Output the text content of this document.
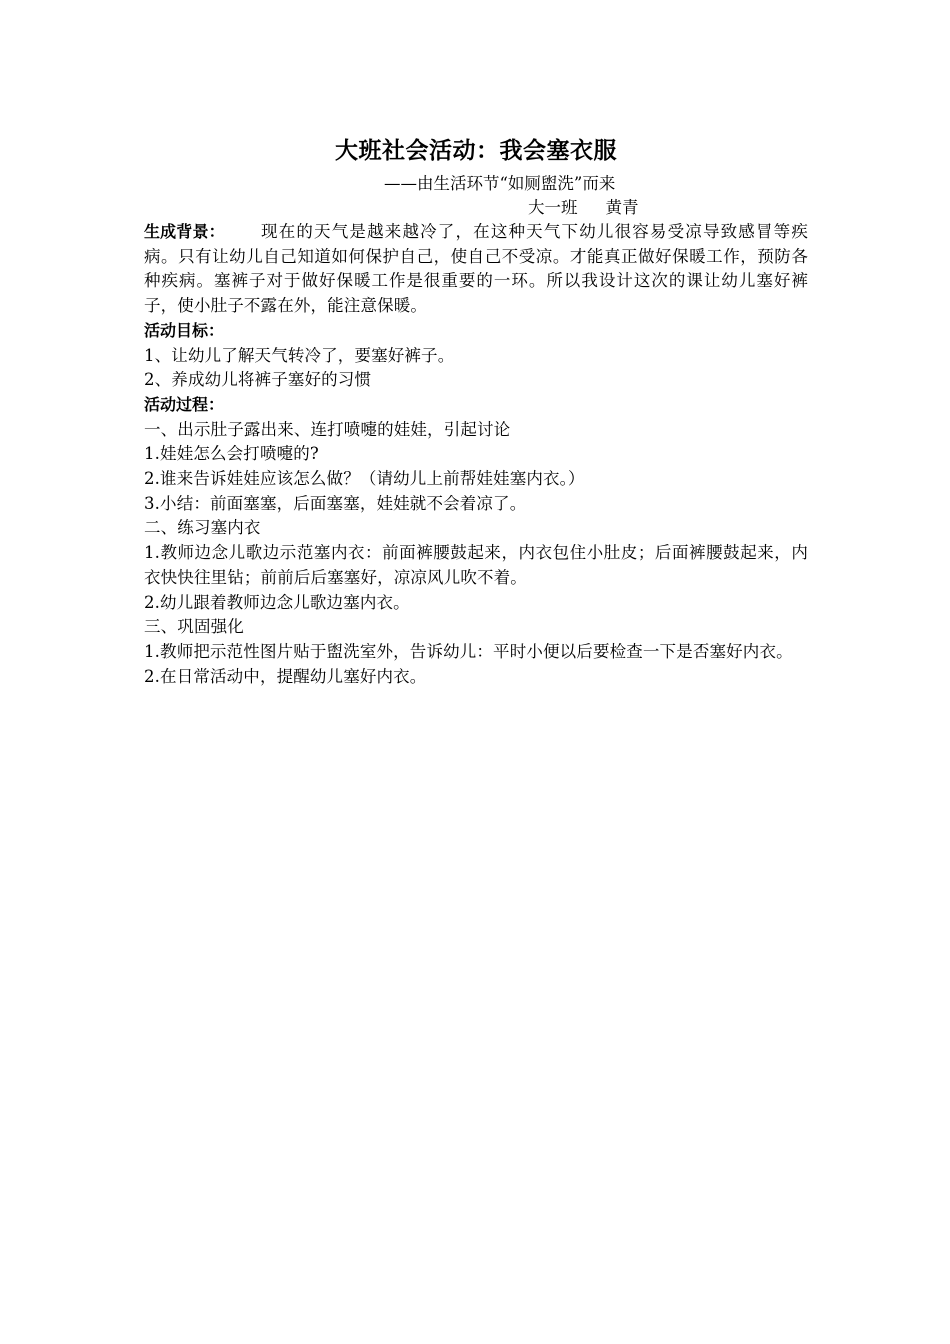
大班社会活动：我会塞衣服
——由生活环节“如厕盥洗”而来
大一班 黄青

生成背景： 现在的天气是越来越冷了，在这种天气下幼儿很容易受凉导致感冒等疾病。只有让幼儿自己知道如何保护自己，使自己不受凉。才能真正做好保暖工作，预防各种疾病。塞裤子对于做好保暖工作是很重要的一环。所以我设计这次的课让幼儿塞好裤子，使小肚子不露在外，能注意保暖。

活动目标：

1、让幼儿了解天气转冷了，要塞好裤子。

2、养成幼儿将裤子塞好的习惯

活动过程：

一、出示肚子露出来、连打喷嚏的娃娃，引起讨论

1.娃娃怎么会打喷嚏的?

2.谁来告诉娃娃应该怎么做？（请幼儿上前帮娃娃塞内衣。）

3.小结：前面塞塞，后面塞塞，娃娃就不会着凉了。

二、练习塞内衣

1.教师边念儿歌边示范塞内衣：前面裤腰鼓起来，内衣包住小肚皮；后面裤腰鼓起来，内衣快快往里钻；前前后后塞塞好，凉凉风儿吹不着。

2.幼儿跟着教师边念儿歌边塞内衣。

三、巩固强化

1.教师把示范性图片贴于盥洗室外，告诉幼儿：平时小便以后要检查一下是否塞好内衣。

2.在日常活动中，提醒幼儿塞好内衣。
